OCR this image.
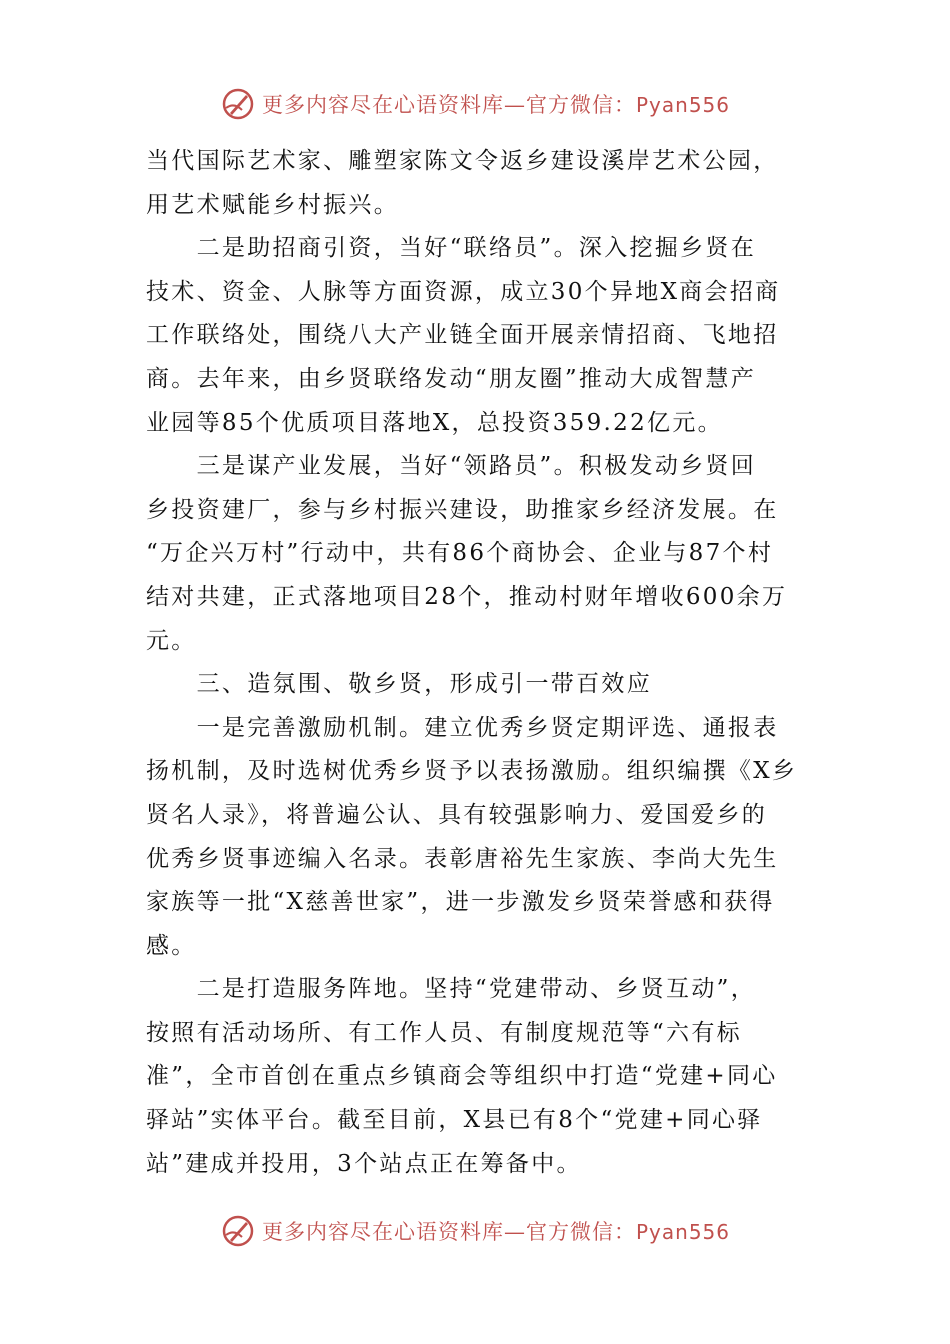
更多内容尽在心语资料库—官方微信：Pyan556
当代国际艺术家、雕塑家陈文令返乡建设溪岸艺术公园，
用艺术赋能乡村振兴。
　　二是助招商引资，当好“联络员”。深入挖掘乡贤在
技术、资金、人脉等方面资源，成立30个异地X商会招商
工作联络处，围绕八大产业链全面开展亲情招商、飞地招
商。去年来，由乡贤联络发动“朋友圈”推动大成智慧产
业园等85个优质项目落地X，总投资359.22亿元。
　　三是谋产业发展，当好“领路员”。积极发动乡贤回
乡投资建厂，参与乡村振兴建设，助推家乡经济发展。在
“万企兴万村”行动中，共有86个商协会、企业与87个村
结对共建，正式落地项目28个，推动村财年增收600余万
元。
　　三、造氛围、敬乡贤，形成引一带百效应
　　一是完善激励机制。建立优秀乡贤定期评选、通报表
扬机制，及时选树优秀乡贤予以表扬激励。组织编撰《X乡
贤名人录》，将普遍公认、具有较强影响力、爱国爱乡的
优秀乡贤事迹编入名录。表彰唐裕先生家族、李尚大先生
家族等一批“X慈善世家”，进一步激发乡贤荣誉感和获得
感。
　　二是打造服务阵地。坚持“党建带动、乡贤互动”，
按照有活动场所、有工作人员、有制度规范等“六有标
准”，全市首创在重点乡镇商会等组织中打造“党建+同心
驿站”实体平台。截至目前，X县已有8个“党建+同心驿
站”建成并投用，3个站点正在筹备中。
更多内容尽在心语资料库—官方微信：Pyan556
